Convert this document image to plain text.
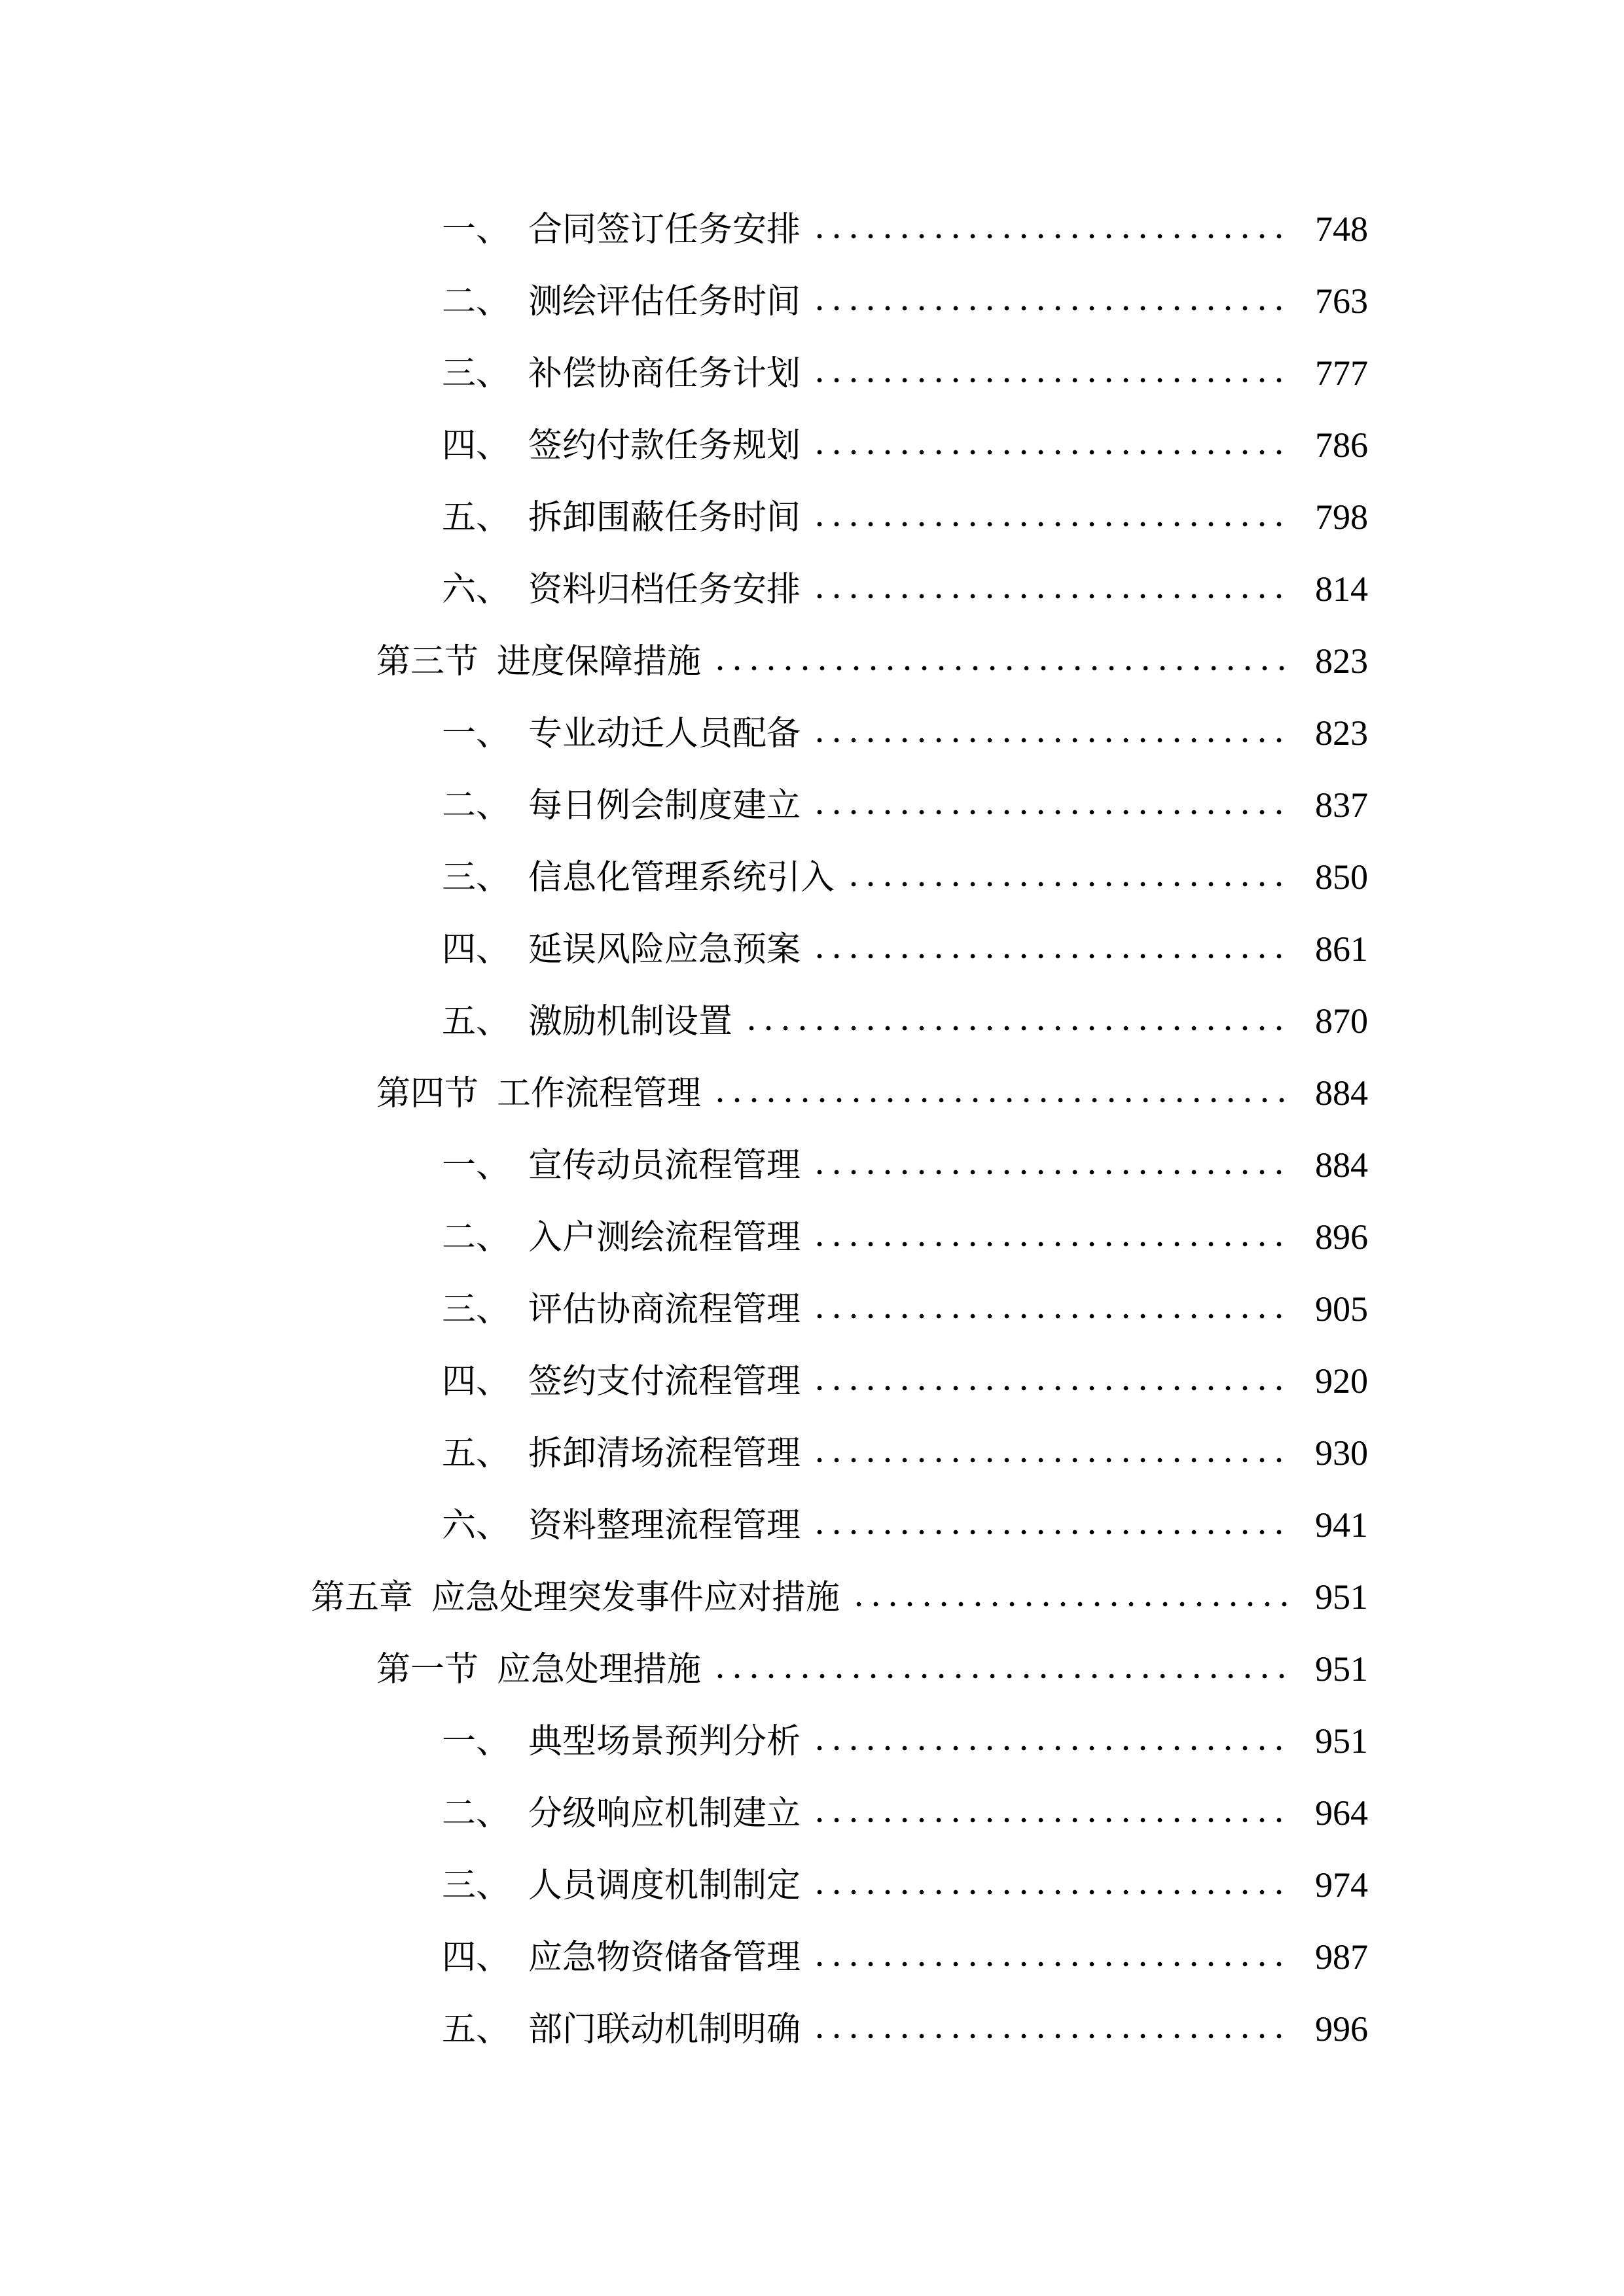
一、 合同签订任务安排	748
二、 测绘评估任务时间	763
三、 补偿协商任务计划	777
四、 签约付款任务规划	786
五、 拆卸围蔽任务时间	798
六、 资料归档任务安排	814
第三节 进度保障措施	823
一、 专业动迁人员配备	823
二、 每日例会制度建立	837
三、 信息化管理系统引入	850
四、 延误风险应急预案	861
五、 激励机制设置	870
第四节 工作流程管理	884
一、 宣传动员流程管理	884
二、 入户测绘流程管理	896
三、 评估协商流程管理	905
四、 签约支付流程管理	920
五、 拆卸清场流程管理	930
六、 资料整理流程管理	941
第五章 应急处理突发事件应对措施	951
第一节 应急处理措施	951
一、 典型场景预判分析	951
二、 分级响应机制建立	964
三、 人员调度机制制定	974
四、 应急物资储备管理	987
五、 部门联动机制明确	996
